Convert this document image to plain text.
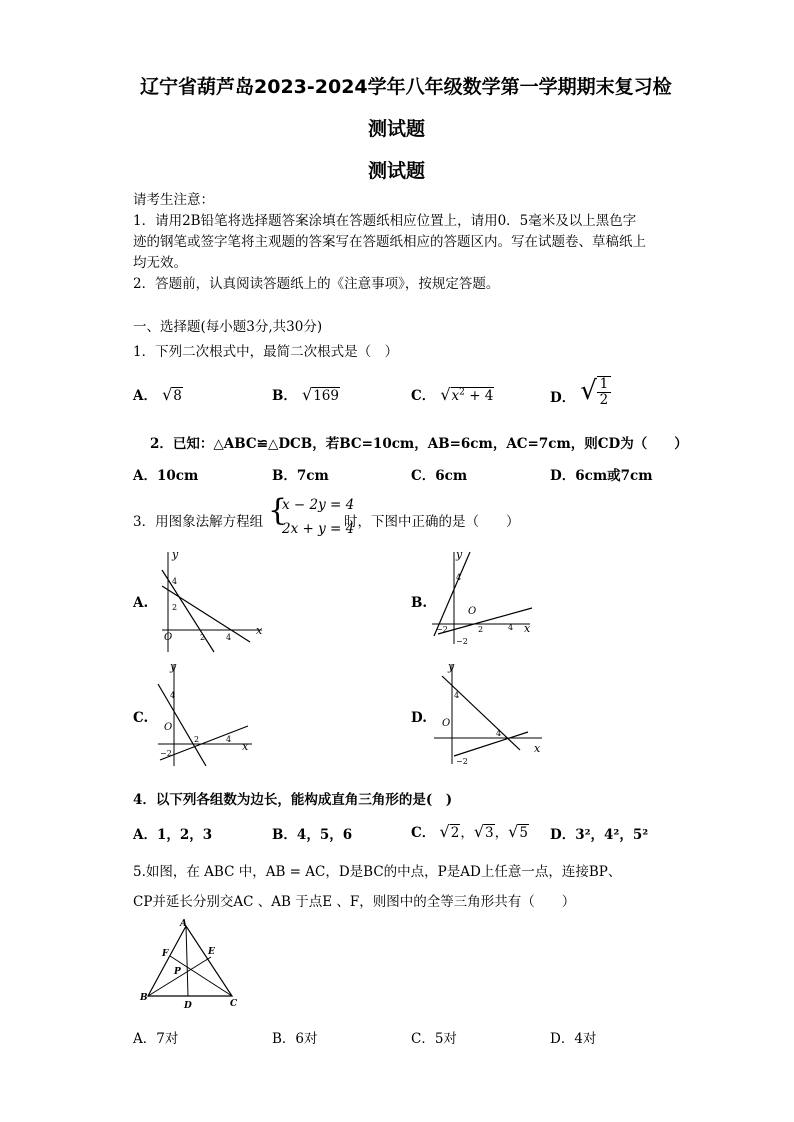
辽宁省葫芦岛2023-2024学年八年级数学第一学期期末复习检
测试题
测试题
请考生注意：
1．请用2B铅笔将选择题答案涂填在答题纸相应位置上，请用0．5毫米及以上黑色字
迹的钢笔或签字笔将主观题的答案写在答题纸相应的答题区内。写在试题卷、草稿纸上
均无效。
2．答题前，认真阅读答题纸上的《注意事项》，按规定答题。
一、选择题(每小题3分,共30分)
1．下列二次根式中，最简二次根式是（　）
A． √8	B． √169	C． $√x^2 + 4$	$_{D.}$ √ $\frac{1}{2}$
2．已知：△ABC≌△DCB，若BC=10cm，AB=6cm，AC=7cm，则CD为（　　）
A．10cm	B．7cm	C．6cm	D．6cm或7cm
3．用图象法解方程组 {
x − 2y = 4
2x + y = 4
时，下图中正确的是（　　）
A.	B.
C.	D.
y
x
O
4
2
2	4
y
x
O
4
−2	2	4
−2
y
x
O
4
2	4
−2
y
x
O
4
4
−2
4．以下列各组数为边长，能构成直角三角形的是(　)
A．1，2，3	B．4，5，6	C． √2，√3，√5 D．3²，4²，5²
5.如图，在 ABC 中，AB = AC，D是BC的中点，P是AD上任意一点，连接BP、
CP并延长分别交AC 、AB 于点E 、F，则图中的全等三角形共有（　　）
A
B
C
D
E
F
P
A．7对	B．6对	C．5对	D．4对
